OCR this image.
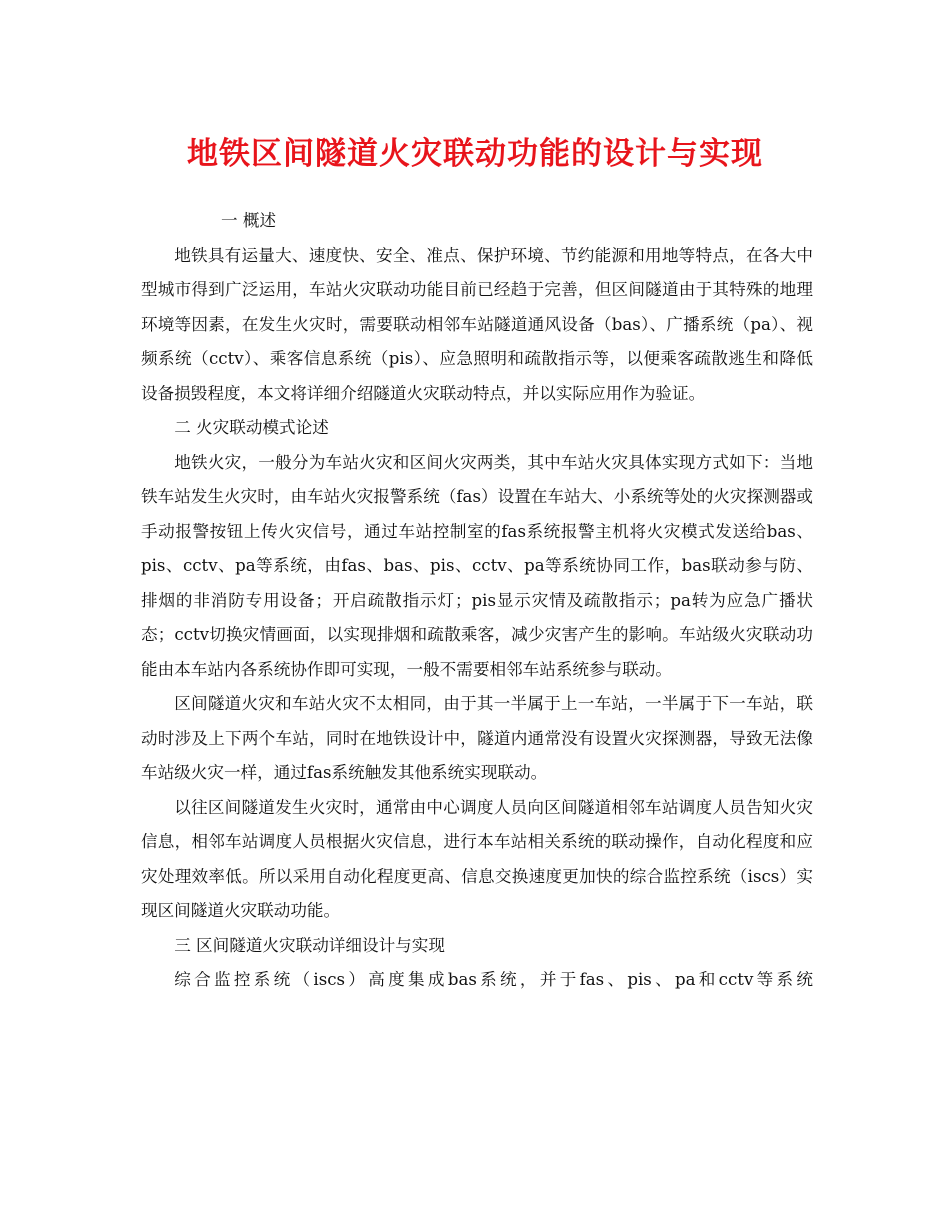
地铁区间隧道火灾联动功能的设计与实现

一 概述

地铁具有运量大、速度快、安全、准点、保护环境、节约能源和用地等特点，在各大中型城市得到广泛运用，车站火灾联动功能目前已经趋于完善，但区间隧道由于其特殊的地理环境等因素，在发生火灾时，需要联动相邻车站隧道通风设备（bas）、广播系统（pa）、视频系统（cctv）、乘客信息系统（pis）、应急照明和疏散指示等，以便乘客疏散逃生和降低设备损毁程度，本文将详细介绍隧道火灾联动特点，并以实际应用作为验证。

二 火灾联动模式论述

地铁火灾，一般分为车站火灾和区间火灾两类，其中车站火灾具体实现方式如下：当地铁车站发生火灾时，由车站火灾报警系统（fas）设置在车站大、小系统等处的火灾探测器或手动报警按钮上传火灾信号，通过车站控制室的fas系统报警主机将火灾模式发送给bas、pis、cctv、pa等系统，由fas、bas、pis、cctv、pa等系统协同工作，bas联动参与防、排烟的非消防专用设备；开启疏散指示灯；pis显示灾情及疏散指示；pa转为应急广播状态；cctv切换灾情画面，以实现排烟和疏散乘客，减少灾害产生的影响。车站级火灾联动功能由本车站内各系统协作即可实现，一般不需要相邻车站系统参与联动。

区间隧道火灾和车站火灾不太相同，由于其一半属于上一车站，一半属于下一车站，联动时涉及上下两个车站，同时在地铁设计中，隧道内通常没有设置火灾探测器，导致无法像车站级火灾一样，通过fas系统触发其他系统实现联动。

以往区间隧道发生火灾时，通常由中心调度人员向区间隧道相邻车站调度人员告知火灾信息，相邻车站调度人员根据火灾信息，进行本车站相关系统的联动操作，自动化程度和应灾处理效率低。所以采用自动化程度更高、信息交换速度更加快的综合监控系统（iscs）实现区间隧道火灾联动功能。

三 区间隧道火灾联动详细设计与实现

综合监控系统（iscs）高度集成bas系统，并于fas、pis、pa和cctv等系统
